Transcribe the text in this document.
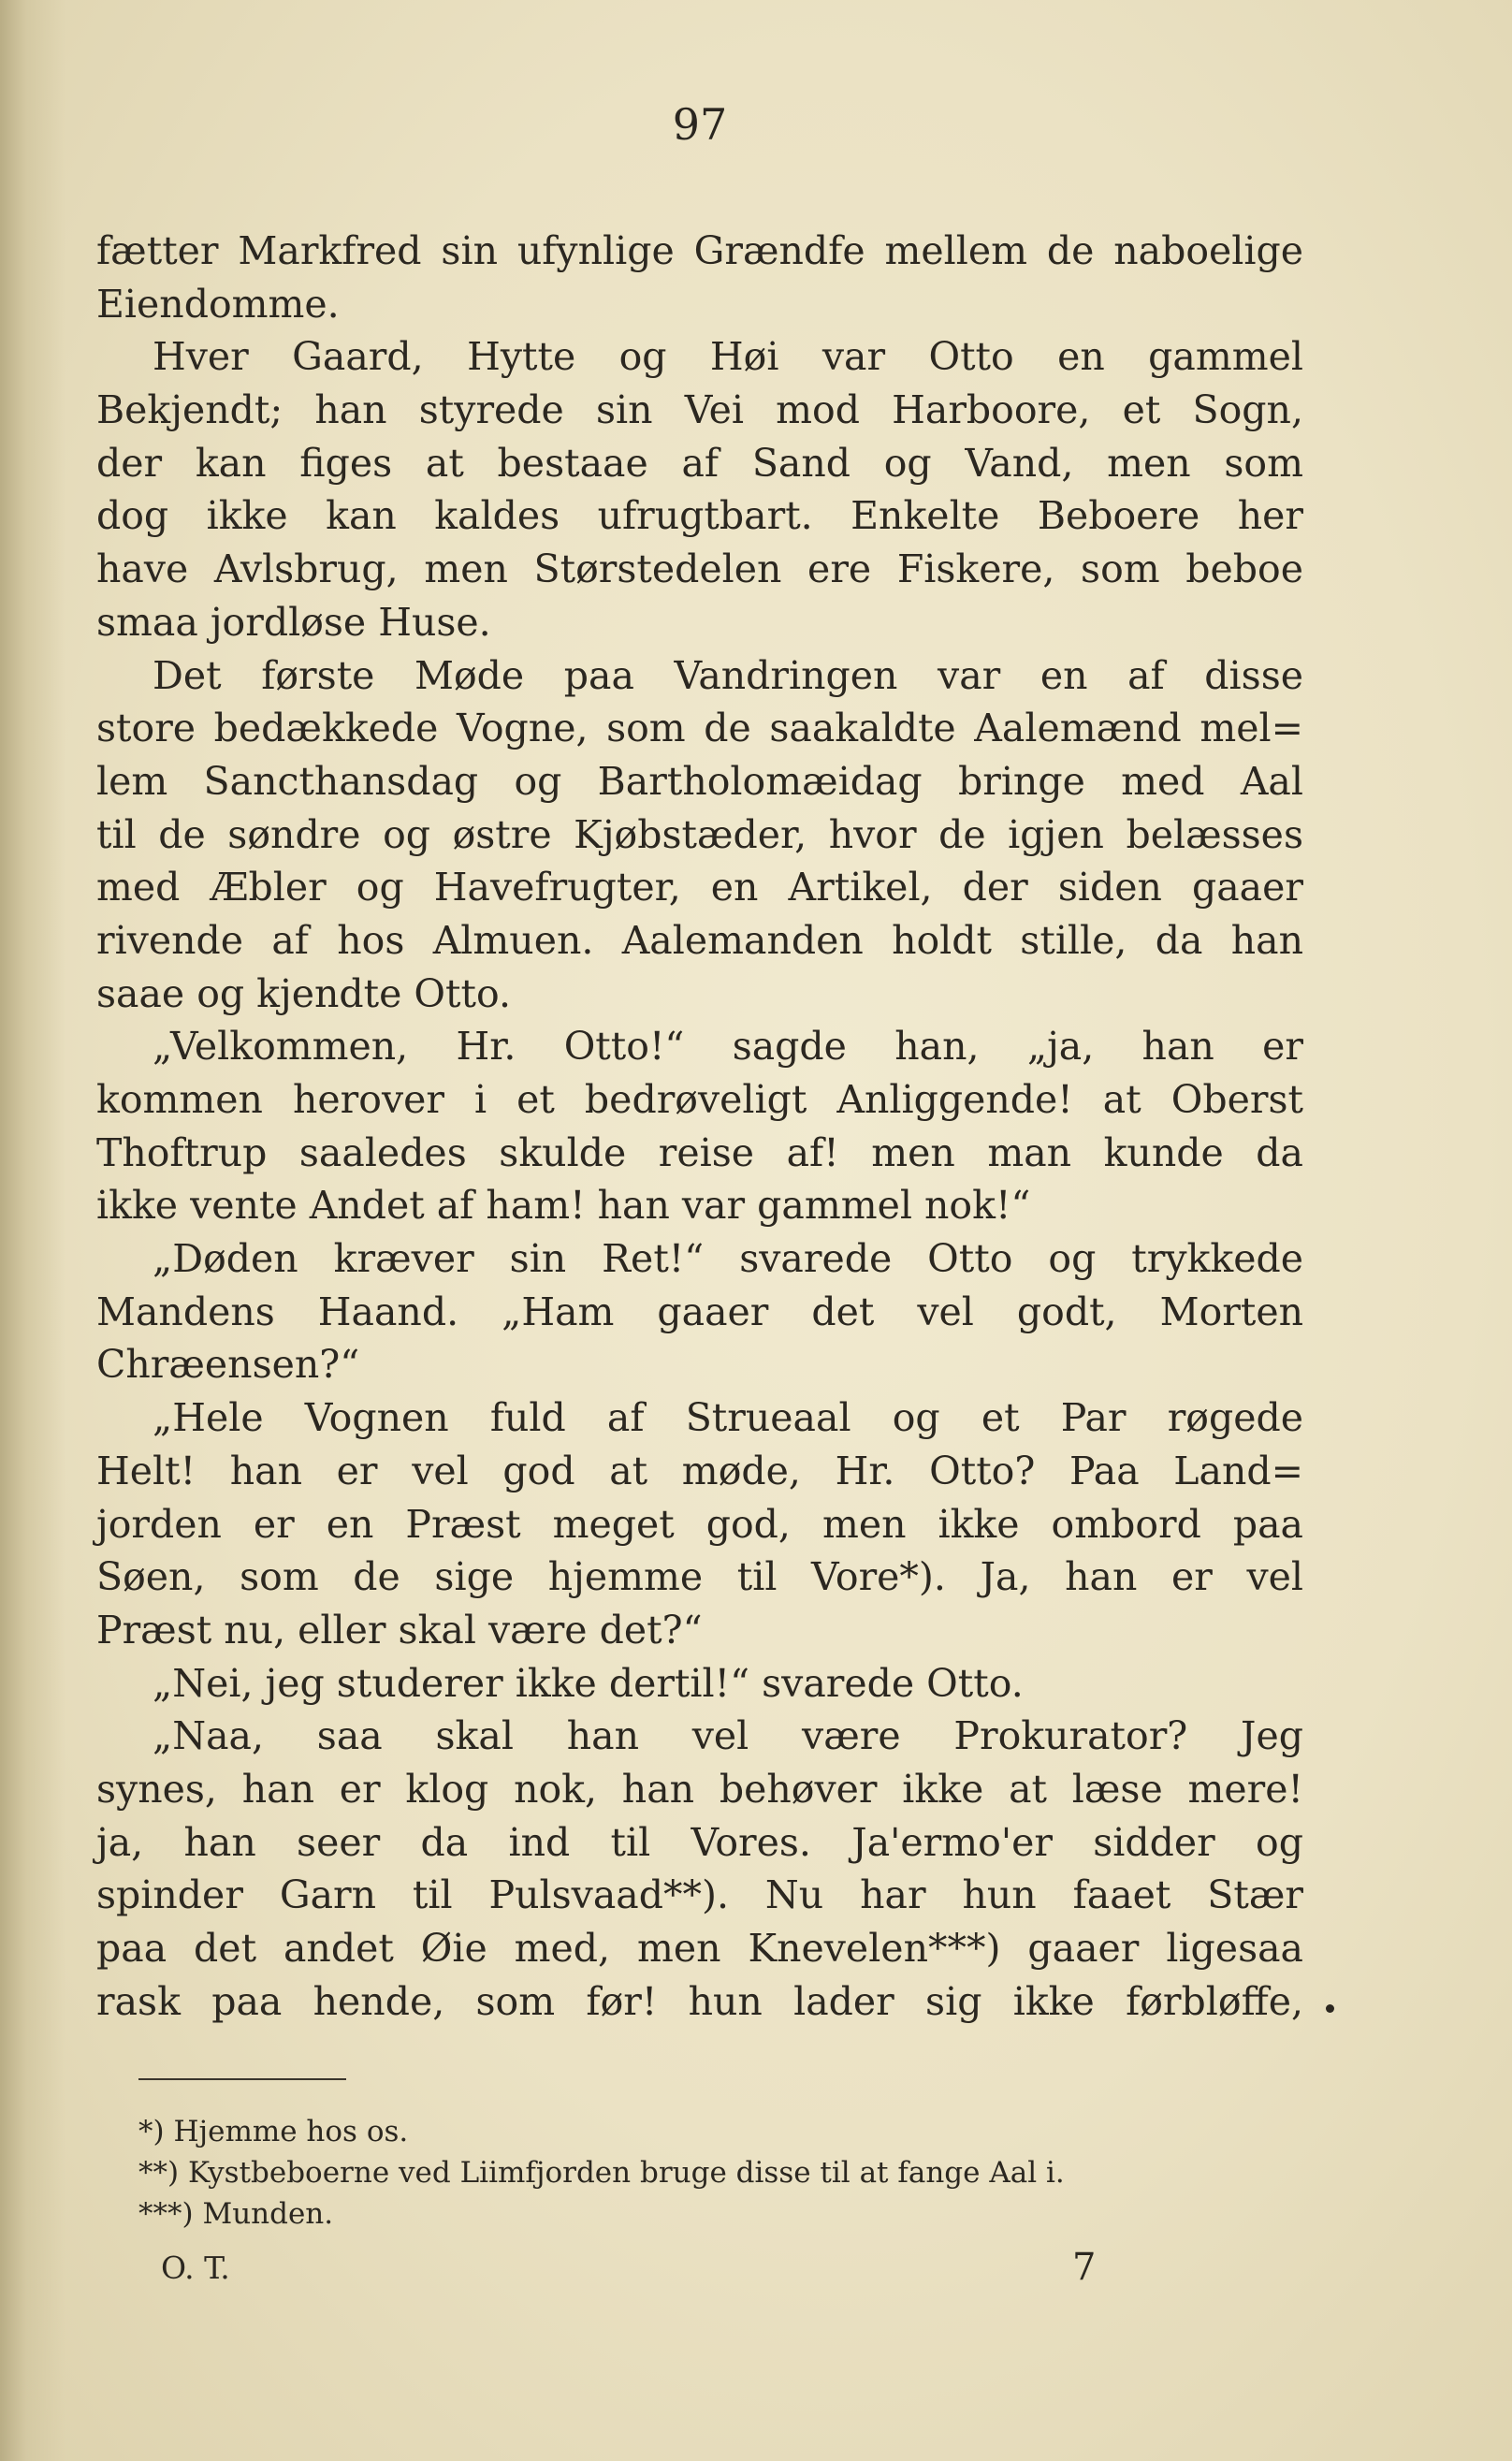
97
fætter Markfred sin ufynlige Grændfe mellem de naboelige
Eiendomme.
Hver Gaard, Hytte og Høi var Otto en gammel
Bekjendt; han styrede sin Vei mod Harboore, et Sogn,
der kan figes at bestaae af Sand og Vand, men som
dog ikke kan kaldes ufrugtbart. Enkelte Beboere her
have Avlsbrug, men Størstedelen ere Fiskere, som beboe
smaa jordløse Huse.
Det første Møde paa Vandringen var en af disse
store bedækkede Vogne, som de saakaldte Aalemænd mel=
lem Sancthansdag og Bartholomæidag bringe med Aal
til de søndre og østre Kjøbstæder, hvor de igjen belæsses
med Æbler og Havefrugter, en Artikel, der siden gaaer
rivende af hos Almuen. Aalemanden holdt stille, da han
saae og kjendte Otto.
„Velkommen, Hr. Otto!“ sagde han, „ja, han er
kommen herover i et bedrøveligt Anliggende! at Oberst
Thoftrup saaledes skulde reise af! men man kunde da
ikke vente Andet af ham! han var gammel nok!“
„Døden kræver sin Ret!“ svarede Otto og trykkede
Mandens Haand. „Ham gaaer det vel godt, Morten
Chræensen?“
„Hele Vognen fuld af Strueaal og et Par røgede
Helt! han er vel god at møde, Hr. Otto? Paa Land=
jorden er en Præst meget god, men ikke ombord paa
Søen, som de sige hjemme til Vore*). Ja, han er vel
Præst nu, eller skal være det?“
„Nei, jeg studerer ikke dertil!“ svarede Otto.
„Naa, saa skal han vel være Prokurator? Jeg
synes, han er klog nok, han behøver ikke at læse mere!
ja, han seer da ind til Vores. Ja'ermo'er sidder og
spinder Garn til Pulsvaad**). Nu har hun faaet Stær
paa det andet Øie med, men Knevelen***) gaaer ligesaa
rask paa hende, som før! hun lader sig ikke førbløffe,
*) Hjemme hos os.
**) Kystbeboerne ved Liimfjorden bruge disse til at fange Aal i.
***) Munden.
O. T.	7
